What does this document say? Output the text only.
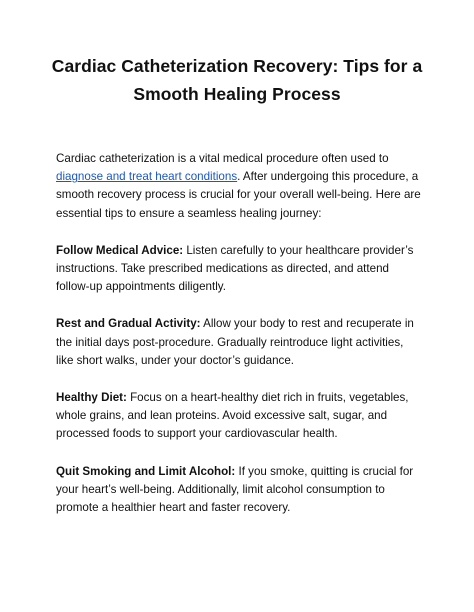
Cardiac Catheterization Recovery: Tips for a
Smooth Healing Process

Cardiac catheterization is a vital medical procedure often used to diagnose and treat heart conditions. After undergoing this procedure, a smooth recovery process is crucial for your overall well-being. Here are essential tips to ensure a seamless healing journey:

Follow Medical Advice: Listen carefully to your healthcare provider’s instructions. Take prescribed medications as directed, and attend follow-up appointments diligently.

Rest and Gradual Activity: Allow your body to rest and recuperate in the initial days post-procedure. Gradually reintroduce light activities, like short walks, under your doctor’s guidance.

Healthy Diet: Focus on a heart-healthy diet rich in fruits, vegetables, whole grains, and lean proteins. Avoid excessive salt, sugar, and processed foods to support your cardiovascular health.

Quit Smoking and Limit Alcohol: If you smoke, quitting is crucial for your heart’s well-being. Additionally, limit alcohol consumption to promote a healthier heart and faster recovery.
